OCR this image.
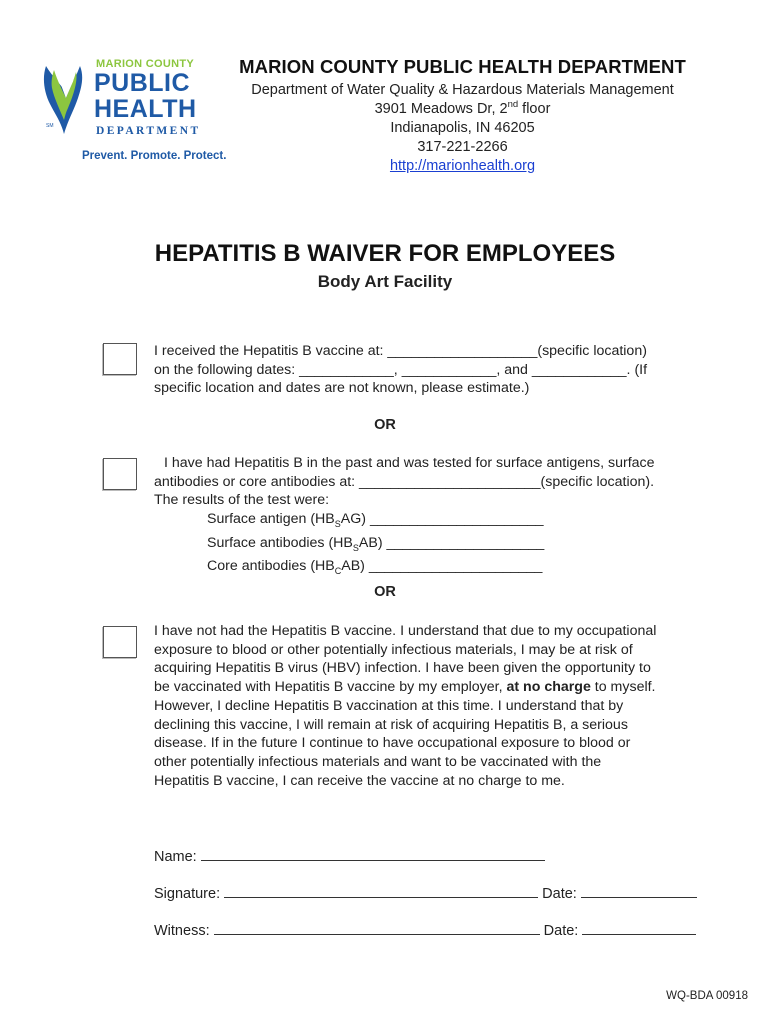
MARION COUNTY
PUBLIC
HEALTH
SM	DEPARTMENT
Prevent. Promote. Protect.
MARION COUNTY PUBLIC HEALTH DEPARTMENT
Department of Water Quality & Hazardous Materials Management
3901 Meadows Dr, 2nd floor
Indianapolis, IN 46205
317-221-2266
http://marionhealth.org
HEPATITIS B WAIVER FOR EMPLOYEES
Body Art Facility
I received the Hepatitis B vaccine at: ___________________(specific location)
on the following dates: ____________, ____________, and ____________. (If
specific location and dates are not known, please estimate.)
OR
I have had Hepatitis B in the past and was tested for surface antigens, surface
antibodies or core antibodies at: _______________________(specific location).
The results of the test were:
Surface antigen $(HB_SAG)$ ______________________
Surface antibodies $(HB_SAB)$ ____________________
Core antibodies $(HB_CAB)$ ______________________
OR
I have not had the Hepatitis B vaccine. I understand that due to my occupational
exposure to blood or other potentially infectious materials, I may be at risk of
acquiring Hepatitis B virus (HBV) infection. I have been given the opportunity to
be vaccinated with Hepatitis B vaccine by my employer, at no charge to myself.
However, I decline Hepatitis B vaccination at this time. I understand that by
declining this vaccine, I will remain at risk of acquiring Hepatitis B, a serious
disease. If in the future I continue to have occupational exposure to blood or
other potentially infectious materials and want to be vaccinated with the
Hepatitis B vaccine, I can receive the vaccine at no charge to me.
Name:
Signature:	Date:
Witness:	Date:
WQ-BDA 00918
